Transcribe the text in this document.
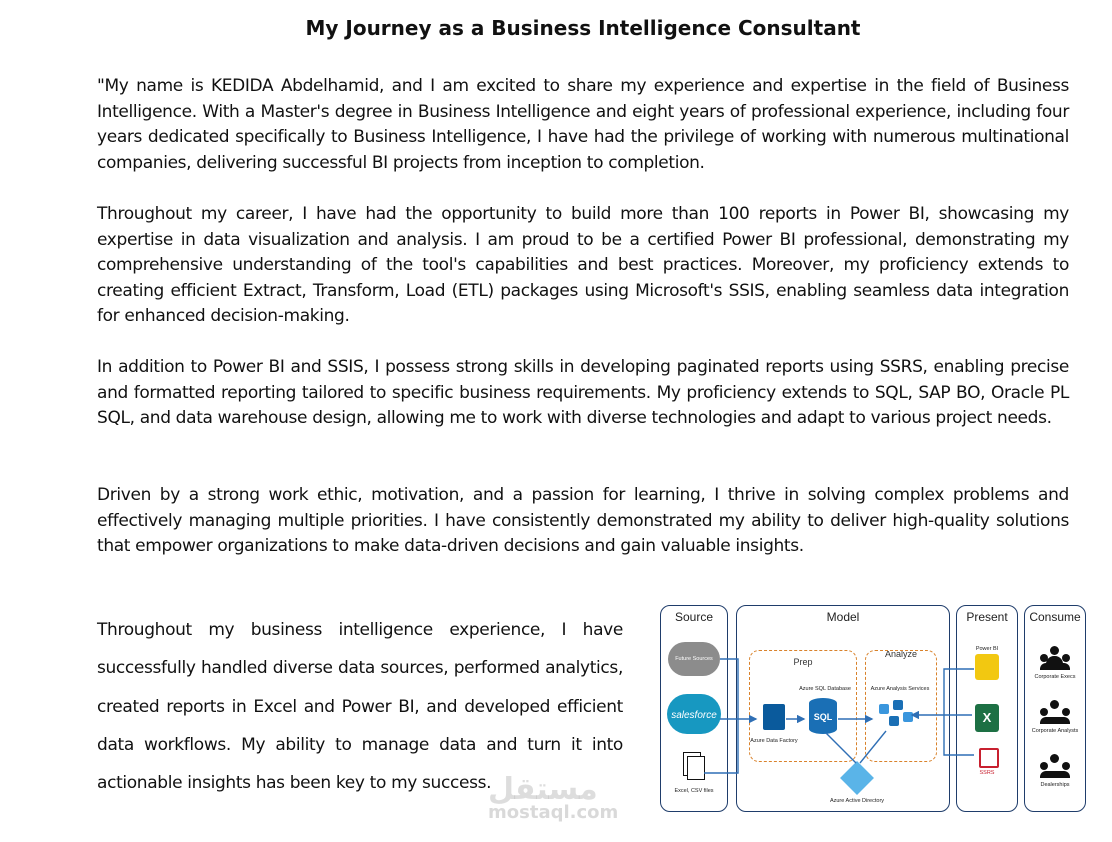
My Journey as a Business Intelligence Consultant

"My name is KEDIDA Abdelhamid, and I am excited to share my experience and expertise in the field of Business Intelligence. With a Master's degree in Business Intelligence and eight years of professional experience, including four years dedicated specifically to Business Intelligence, I have had the privilege of working with numerous multinational companies, delivering successful BI projects from inception to completion.

Throughout my career, I have had the opportunity to build more than 100 reports in Power BI, showcasing my expertise in data visualization and analysis. I am proud to be a certified Power BI professional, demonstrating my comprehensive understanding of the tool's capabilities and best practices. Moreover, my proficiency extends to creating efficient Extract, Transform, Load (ETL) packages using Microsoft's SSIS, enabling seamless data integration for enhanced decision-making.

In addition to Power BI and SSIS, I possess strong skills in developing paginated reports using SSRS, enabling precise and formatted reporting tailored to specific business requirements. My proficiency extends to SQL, SAP BO, Oracle PL SQL, and data warehouse design, allowing me to work with diverse technologies and adapt to various project needs.

Driven by a strong work ethic, motivation, and a passion for learning, I thrive in solving complex problems and effectively managing multiple priorities. I have consistently demonstrated my ability to deliver high-quality solutions that empower organizations to make data-driven decisions and gain valuable insights.

Throughout my business intelligence experience, I have successfully handled diverse data sources, performed analytics, created reports in Excel and Power BI, and developed efficient data workflows. My ability to manage data and turn it into actionable insights has been key to my success.

Source
Future Sources
salesforce
Excel, CSV files
Model
Prep
Analyze
Azure Data Factory
Azure SQL Database
SQL
Azure Analysis Services
Azure Active Directory
Present
Power BI
X
SSRS
Consume
Corporate Execs
Corporate Analysts
Dealerships
مستقل
mostaql.com
